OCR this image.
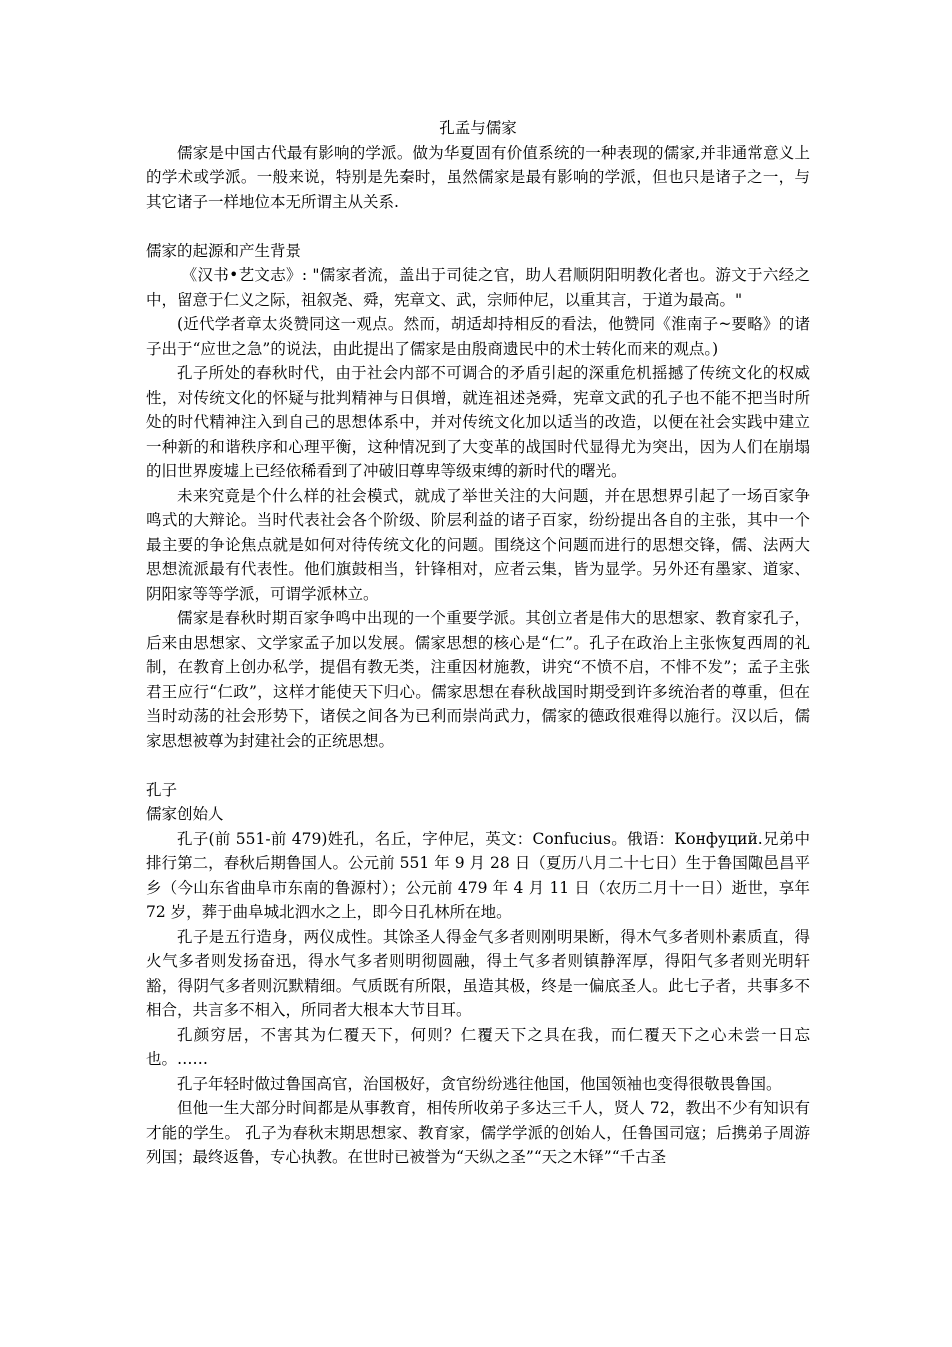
孔孟与儒家

儒家是中国古代最有影响的学派。做为华夏固有价值系统的一种表现的儒家,并非通常意义上的学术或学派。一般来说，特别是先秦时，虽然儒家是最有影响的学派，但也只是诸子之一，与其它诸子一样地位本无所谓主从关系.

儒家的起源和产生背景

《汉书•艺文志》: "儒家者流，盖出于司徒之官，助人君顺阴阳明教化者也。游文于六经之中，留意于仁义之际，祖叙尧、舜，宪章文、武，宗师仲尼，以重其言，于道为最高。"

(近代学者章太炎赞同这一观点。然而，胡适却持相反的看法，他赞同《淮南子~要略》的诸子出于“应世之急”的说法，由此提出了儒家是由殷商遗民中的术士转化而来的观点。)

孔子所处的春秋时代，由于社会内部不可调合的矛盾引起的深重危机摇撼了传统文化的权威性，对传统文化的怀疑与批判精神与日俱增，就连祖述尧舜，宪章文武的孔子也不能不把当时所处的时代精神注入到自己的思想体系中，并对传统文化加以适当的改造，以便在社会实践中建立一种新的和谐秩序和心理平衡，这种情况到了大变革的战国时代显得尤为突出，因为人们在崩塌的旧世界废墟上已经依稀看到了冲破旧尊卑等级束缚的新时代的曙光。

未来究竟是个什么样的社会模式，就成了举世关注的大问题，并在思想界引起了一场百家争鸣式的大辩论。当时代表社会各个阶级、阶层利益的诸子百家，纷纷提出各自的主张，其中一个最主要的争论焦点就是如何对待传统文化的问题。围绕这个问题而进行的思想交锋，儒、法两大思想流派最有代表性。他们旗鼓相当，针锋相对，应者云集，皆为显学。另外还有墨家、道家、阴阳家等等学派，可谓学派林立。

儒家是春秋时期百家争鸣中出现的一个重要学派。其创立者是伟大的思想家、教育家孔子，后来由思想家、文学家孟子加以发展。儒家思想的核心是“仁”。孔子在政治上主张恢复西周的礼制，在教育上创办私学，提倡有教无类，注重因材施教，讲究“不愤不启，不悱不发”；孟子主张君王应行“仁政”，这样才能使天下归心。儒家思想在春秋战国时期受到许多统治者的尊重，但在当时动荡的社会形势下，诸侯之间各为已利而崇尚武力，儒家的德政很难得以施行。汉以后，儒家思想被尊为封建社会的正统思想。

孔子

儒家创始人

孔子(前 551-前 479)姓孔，名丘，字仲尼，英文：Confucius。俄语：Конфуций.兄弟中排行第二，春秋后期鲁国人。公元前 551 年 9 月 28 日（夏历八月二十七日）生于鲁国陬邑昌平乡（今山东省曲阜市东南的鲁源村）；公元前 479 年 4 月 11 日（农历二月十一日）逝世，享年 72 岁，葬于曲阜城北泗水之上，即今日孔林所在地。

孔子是五行造身，两仪成性。其馀圣人得金气多者则刚明果断，得木气多者则朴素质直，得火气多者则发扬奋迅，得水气多者则明彻圆融，得土气多者则镇静浑厚，得阳气多者则光明轩豁，得阴气多者则沉默精细。气质既有所限，虽造其极，终是一偏底圣人。此七子者，共事多不相合，共言多不相入，所同者大根本大节目耳。

孔颜穷居，不害其为仁覆天下，何则？仁覆天下之具在我，而仁覆天下之心未尝一日忘也。……

孔子年轻时做过鲁国高官，治国极好，贪官纷纷逃往他国，他国领袖也变得很敬畏鲁国。

但他一生大部分时间都是从事教育，相传所收弟子多达三千人，贤人 72，教出不少有知识有才能的学生。 孔子为春秋末期思想家、教育家，儒学学派的创始人，任鲁国司寇；后携弟子周游列国；最终返鲁，专心执教。在世时已被誉为“天纵之圣”“天之木铎”“千古圣
